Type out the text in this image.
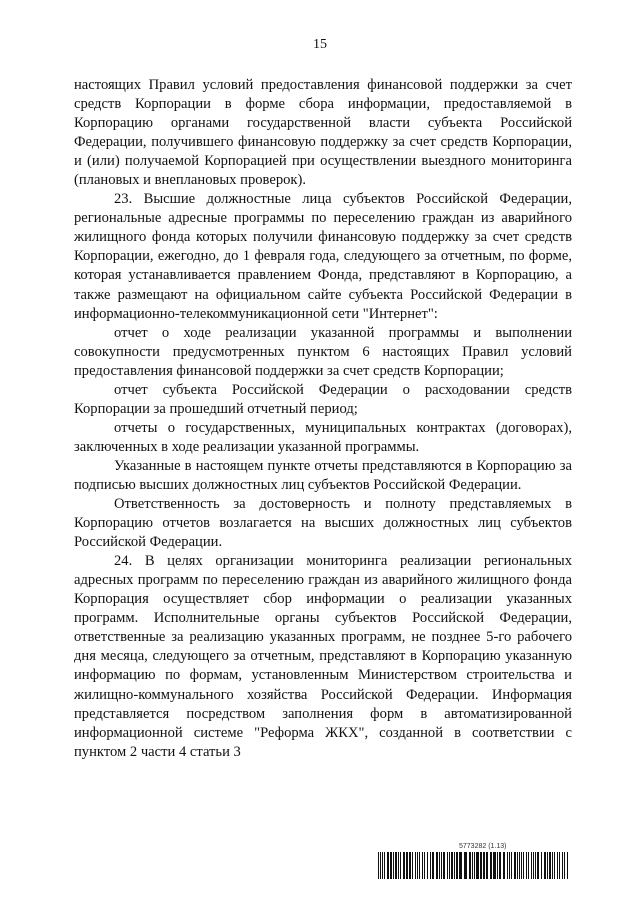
15

настоящих Правил условий предоставления финансовой поддержки за счет средств Корпорации в форме сбора информации, предоставляемой в Корпорацию органами государственной власти субъекта Российской Федерации, получившего финансовую поддержку за счет средств Корпорации, и (или) получаемой Корпорацией при осуществлении выездного мониторинга (плановых и внеплановых проверок).

23. Высшие должностные лица субъектов Российской Федерации, региональные адресные программы по переселению граждан из аварийного жилищного фонда которых получили финансовую поддержку за счет средств Корпорации, ежегодно, до 1 февраля года, следующего за отчетным, по форме, которая устанавливается правлением Фонда, представляют в Корпорацию, а также размещают на официальном сайте субъекта Российской Федерации в информационно-телекоммуникационной сети "Интернет":

отчет о ходе реализации указанной программы и выполнении совокупности предусмотренных пунктом 6 настоящих Правил условий предоставления финансовой поддержки за счет средств Корпорации;

отчет субъекта Российской Федерации о расходовании средств Корпорации за прошедший отчетный период;

отчеты о государственных, муниципальных контрактах (договорах), заключенных в ходе реализации указанной программы.

Указанные в настоящем пункте отчеты представляются в Корпорацию за подписью высших должностных лиц субъектов Российской Федерации.

Ответственность за достоверность и полноту представляемых в Корпорацию отчетов возлагается на высших должностных лиц субъектов Российской Федерации.

24. В целях организации мониторинга реализации региональных адресных программ по переселению граждан из аварийного жилищного фонда Корпорация осуществляет сбор информации о реализации указанных программ. Исполнительные органы субъектов Российской Федерации, ответственные за реализацию указанных программ, не позднее 5-го рабочего дня месяца, следующего за отчетным, представляют в Корпорацию указанную информацию по формам, установленным Министерством строительства и жилищно-коммунального хозяйства Российской Федерации. Информация представляется посредством заполнения форм в автоматизированной информационной системе "Реформа ЖКХ", созданной в соответствии с пунктом 2 части 4 статьи 3

5773282 (1.13)
